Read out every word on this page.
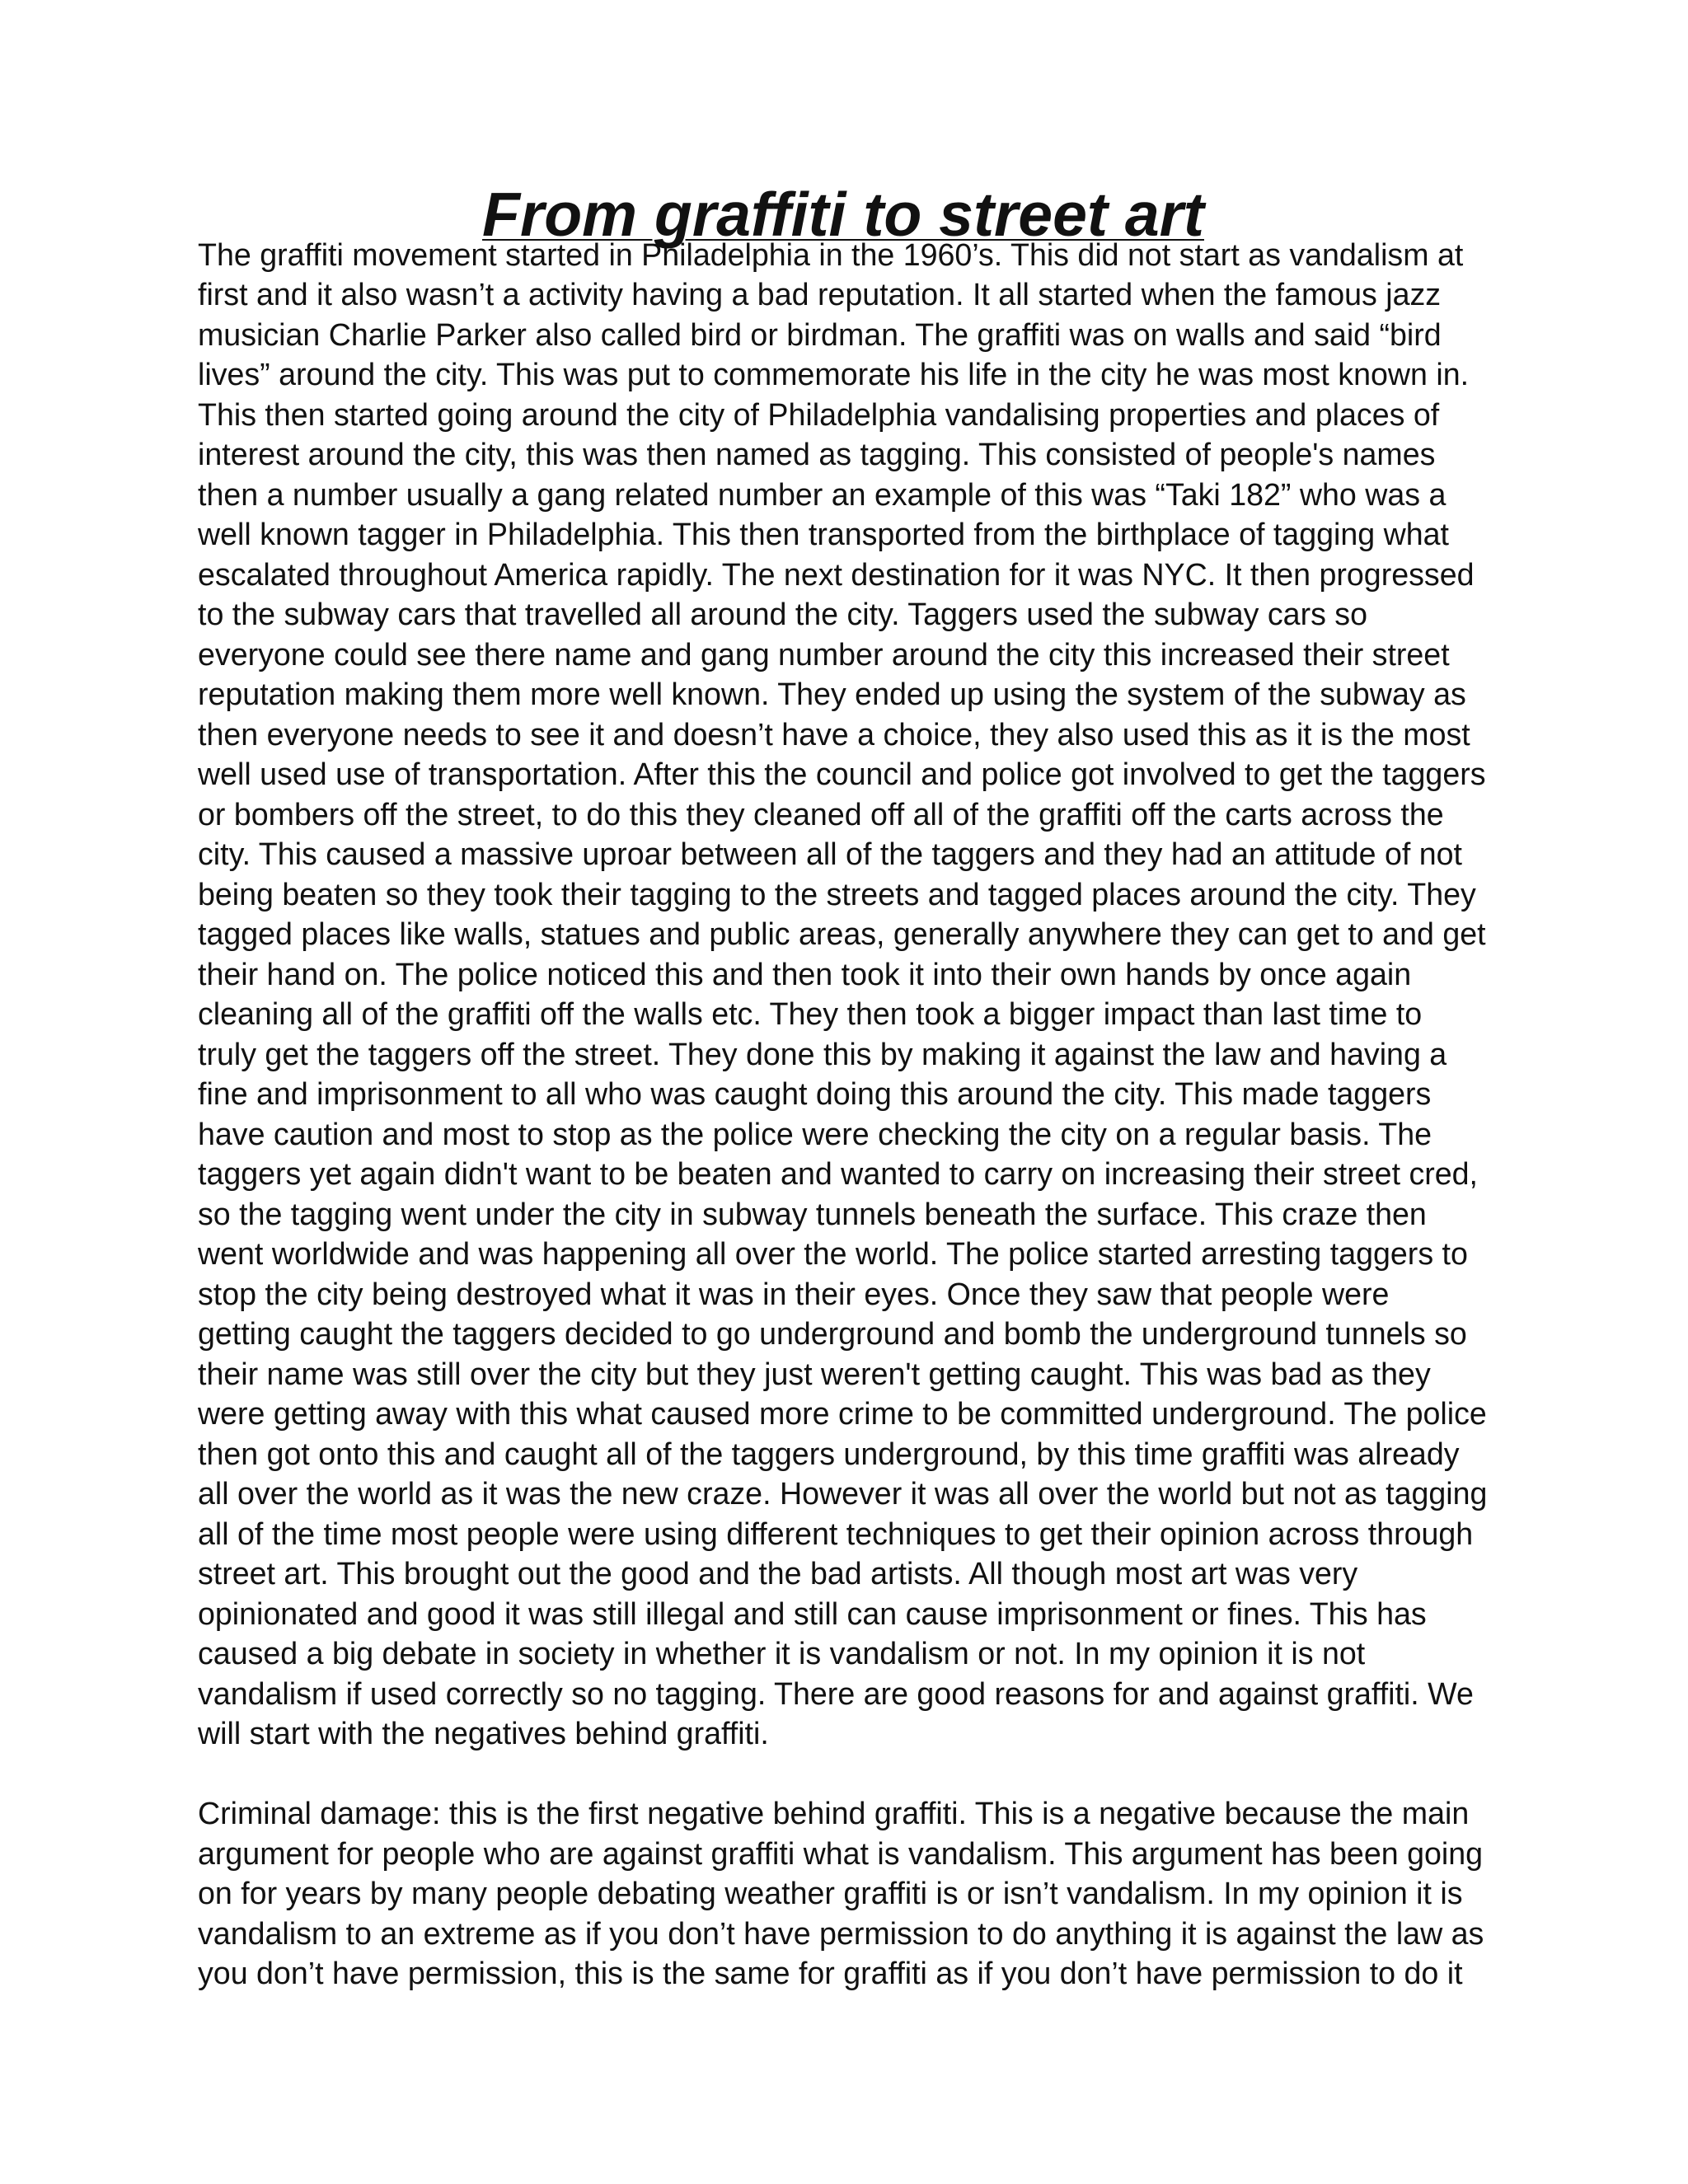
From graffiti to street art

The graffiti movement started in Philadelphia in the 1960’s. This did not start as vandalism at first and it also wasn’t a activity having a bad reputation. It all started when the famous jazz musician Charlie Parker also called bird or birdman. The graffiti was on walls and said “bird lives” around the city. This was put to commemorate his life in the city he was most known in. This then started going around the city of Philadelphia vandalising properties and places of interest around the city, this was then named as tagging. This consisted of people's names then a number usually a gang related number an example of this was “Taki 182” who was a well known tagger in Philadelphia. This then transported from the birthplace of tagging what escalated throughout America rapidly. The next destination for it was NYC. It then progressed to the subway cars that travelled all around the city. Taggers used the subway cars so everyone could see there name and gang number around the city this increased their street reputation making them more well known. They ended up using the system of the subway as then everyone needs to see it and doesn’t have a choice, they also used this as it is the most well used use of transportation. After this the council and police got involved to get the taggers or bombers off the street, to do this they cleaned off all of the graffiti off the carts across the city. This caused a massive uproar between all of the taggers and they had an attitude of not being beaten so they took their tagging to the streets and tagged places around the city. They tagged places like walls, statues and public areas, generally anywhere they can get to and get their hand on. The police noticed this and then took it into their own hands by once again cleaning all of the graffiti off the walls etc. They then took a bigger impact than last time to truly get the taggers off the street. They done this by making it against the law and having a fine and imprisonment to all who was caught doing this around the city. This made taggers have caution and most to stop as the police were checking the city on a regular basis. The taggers yet again didn't want to be beaten and wanted to carry on increasing their street cred, so the tagging went under the city in subway tunnels beneath the surface. This craze then went worldwide and was happening all over the world. The police started arresting taggers to stop the city being destroyed what it was in their eyes. Once they saw that people were getting caught the taggers decided to go underground and bomb the underground tunnels so their name was still over the city but they just weren't getting caught. This was bad as they were getting away with this what caused more crime to be committed underground. The police then got onto this and caught all of the taggers underground, by this time graffiti was already all over the world as it was the new craze. However it was all over the world but not as tagging all of the time most people were using different techniques to get their opinion across through street art. This brought out the good and the bad artists. All though most art was very opinionated and good it was still illegal and still can cause imprisonment or fines. This has caused a big debate in society in whether it is vandalism or not. In my opinion it is not vandalism if used correctly so no tagging. There are good reasons for and against graffiti. We will start with the negatives behind graffiti.

Criminal damage: this is the first negative behind graffiti. This is a negative because the main argument for people who are against graffiti what is vandalism. This argument has been going on for years by many people debating weather graffiti is or isn’t vandalism. In my opinion it is vandalism to an extreme as if you don’t have permission to do anything it is against the law as you don’t have permission, this is the same for graffiti as if you don’t have permission to do it
